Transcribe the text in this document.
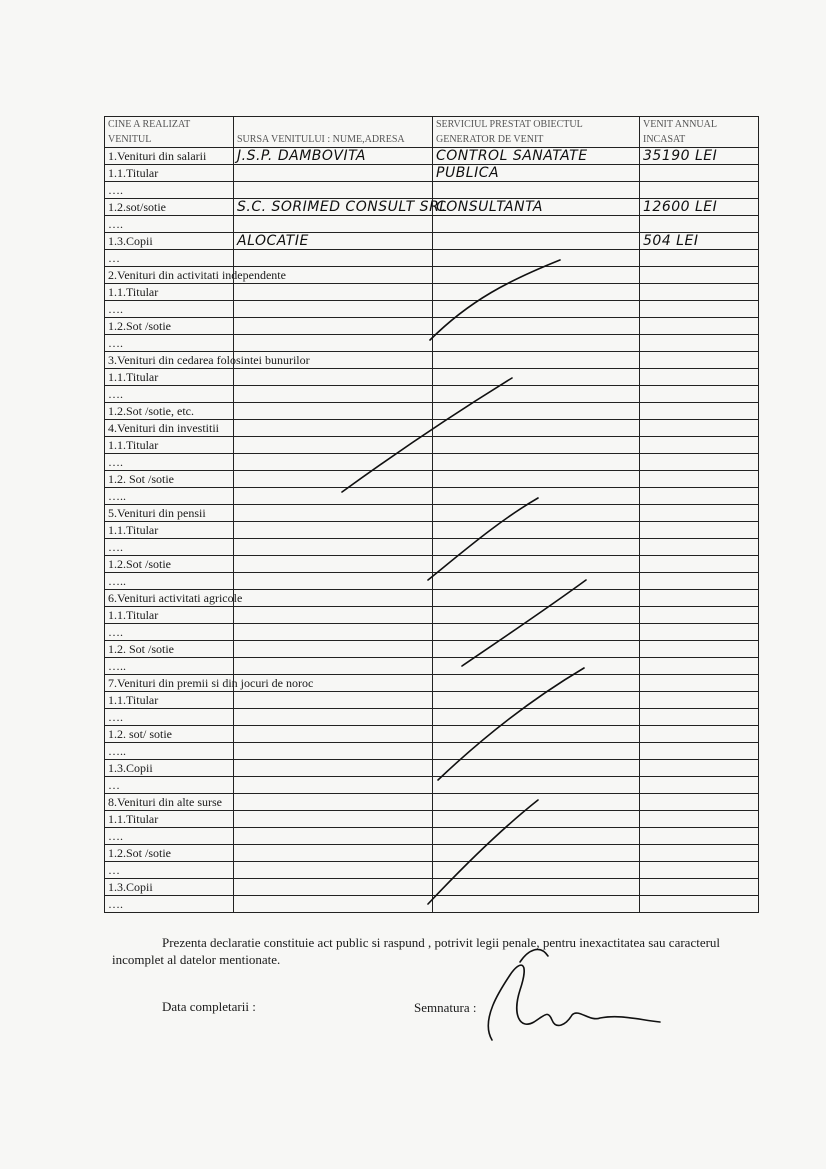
CINE A REALIZAT VENITUL	SURSA VENITULUI : NUME,ADRESA	SERVICIUL PRESTAT OBIECTUL GENERATOR DE VENIT	VENIT ANNUAL INCASAT
1.Venituri din salarii	J.S.P. DAMBOVITA	CONTROL SANATATE	35190 LEI
1.1.Titular		PUBLICA	
….			
1.2.sot/sotie	S.C. SORIMED CONSULT SRL	CONSULTANTA	12600 LEI
….			
1.3.Copii	ALOCATIE		504 LEI
…			
2.Venituri din activitati independente			
1.1.Titular			
….			
1.2.Sot /sotie			
….			
3.Venituri din cedarea folosintei bunurilor			
1.1.Titular			
….			
1.2.Sot /sotie, etc.			
4.Venituri din investitii			
1.1.Titular			
….			
1.2. Sot /sotie			
…..			
5.Venituri din pensii			
1.1.Titular			
….			
1.2.Sot /sotie			
…..			
6.Venituri activitati agricole			
1.1.Titular			
….			
1.2. Sot /sotie			
…..			
7.Venituri din premii si din jocuri de noroc			
1.1.Titular			
….			
1.2. sot/ sotie			
…..			
1.3.Copii			
…			
8.Venituri din alte surse			
1.1.Titular			
….			
1.2.Sot /sotie			
…			
1.3.Copii			
….			

Prezenta declaratie constituie act public si raspund , potrivit legii penale, pentru inexactitatea sau caracterul incomplet al datelor mentionate.

Data completarii :	Semnatura :
